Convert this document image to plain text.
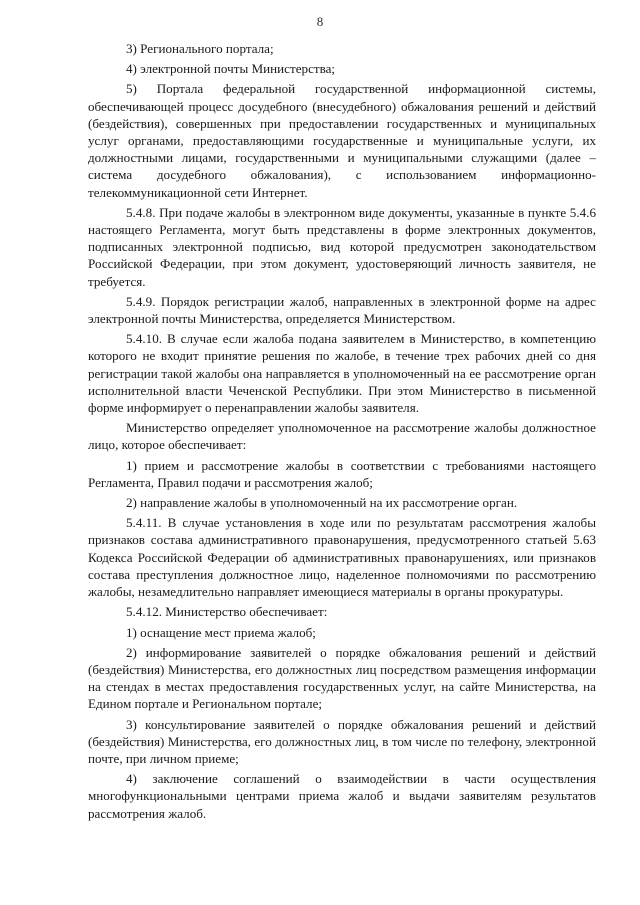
8

3) Регионального портала;

4) электронной почты Министерства;

5) Портала федеральной государственной информационной системы, обеспечивающей процесс досудебного (внесудебного) обжалования решений и действий (бездействия), совершенных при предоставлении государственных и муниципальных услуг органами, предоставляющими государственные и муниципальные услуги, их должностными лицами, государственными и муниципальными служащими (далее – система досудебного обжалования), с использованием информационно-телекоммуникационной сети Интернет.

5.4.8. При подаче жалобы в электронном виде документы, указанные в пункте 5.4.6 настоящего Регламента, могут быть представлены в форме электронных документов, подписанных электронной подписью, вид которой предусмотрен законодательством Российской Федерации, при этом документ, удостоверяющий личность заявителя, не требуется.

5.4.9. Порядок регистрации жалоб, направленных в электронной форме на адрес электронной почты Министерства, определяется Министерством.

5.4.10. В случае если жалоба подана заявителем в Министерство, в компетенцию которого не входит принятие решения по жалобе, в течение трех рабочих дней со дня регистрации такой жалобы она направляется в уполномоченный на ее рассмотрение орган исполнительной власти Чеченской Республики. При этом Министерство в письменной форме информирует о перенаправлении жалобы заявителя.

Министерство определяет уполномоченное на рассмотрение жалобы должностное лицо, которое обеспечивает:

1) прием и рассмотрение жалобы в соответствии с требованиями настоящего Регламента, Правил подачи и рассмотрения жалоб;

2) направление жалобы в уполномоченный на их рассмотрение орган.

5.4.11. В случае установления в ходе или по результатам рассмотрения жалобы признаков состава административного правонарушения, предусмотренного статьей 5.63 Кодекса Российской Федерации об административных правонарушениях, или признаков состава преступления должностное лицо, наделенное полномочиями по рассмотрению жалобы, незамедлительно направляет имеющиеся материалы в органы прокуратуры.

5.4.12. Министерство обеспечивает:

1) оснащение мест приема жалоб;

2) информирование заявителей о порядке обжалования решений и действий (бездействия) Министерства, его должностных лиц посредством размещения информации на стендах в местах предоставления государственных услуг, на сайте Министерства, на Едином портале и Региональном портале;

3) консультирование заявителей о порядке обжалования решений и действий (бездействия) Министерства, его должностных лиц, в том числе по телефону, электронной почте, при личном приеме;

4) заключение соглашений о взаимодействии в части осуществления многофункциональными центрами приема жалоб и выдачи заявителям результатов рассмотрения жалоб.
